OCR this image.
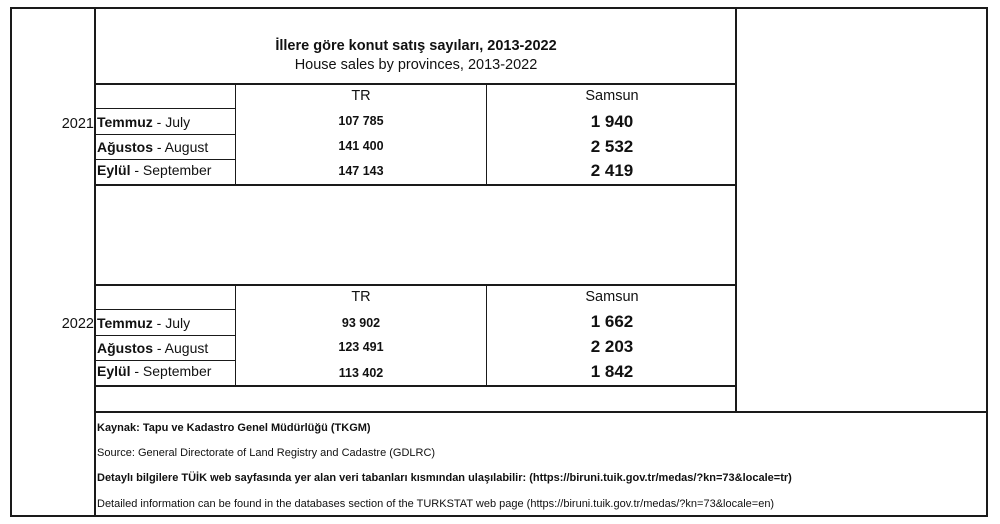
İllere göre konut satış sayıları, 2013-2022
House sales by provinces, 2013-2022
TR	Samsun
2021 Temmuz - July	107 785	1 940
Ağustos - August	141 400	2 532
Eylül - September	147 143	2 419
TR	Samsun
2022 Temmuz - July	93 902	1 662
Ağustos - August	123 491	2 203
Eylül - September	113 402	1 842
Kaynak: Tapu ve Kadastro Genel Müdürlüğü (TKGM)
Source: General Directorate of Land Registry and Cadastre (GDLRC)
Detaylı bilgilere TÜİK web sayfasında yer alan veri tabanları kısmından ulaşılabilir: (https://biruni.tuik.gov.tr/medas/?kn=73&locale=tr)
Detailed information can be found in the databases section of the TURKSTAT web page (https://biruni.tuik.gov.tr/medas/?kn=73&locale=en)
